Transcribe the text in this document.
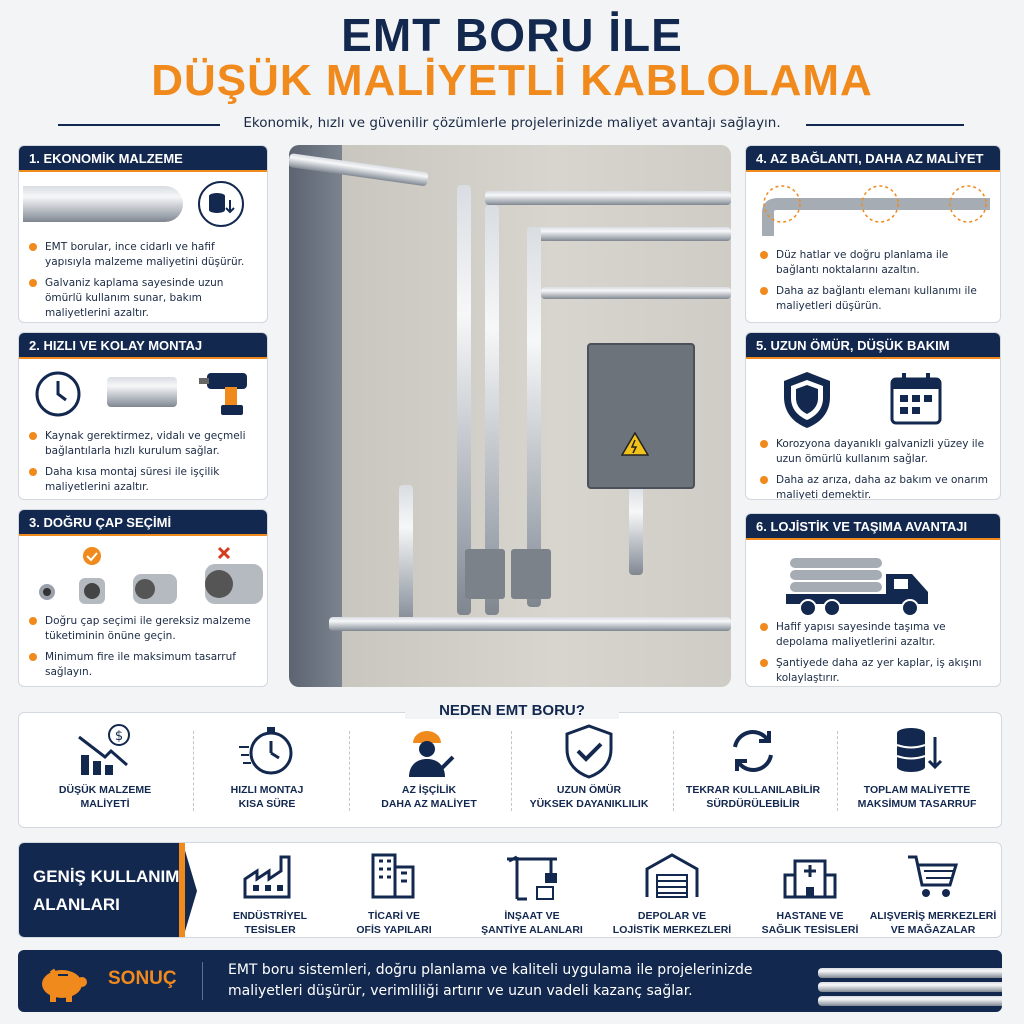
EMT BORU İLE
DÜŞÜK MALİYETLİ KABLOLAMA
Ekonomik, hızlı ve güvenilir çözümlerle projelerinizde maliyet avantajı sağlayın.
1. EKONOMİK MALZEME
EMT borular, ince cidarlı ve hafif yapısıyla malzeme maliyetini düşürür.
Galvaniz kaplama sayesinde uzun ömürlü kullanım sunar, bakım maliyetlerini azaltır.
2. HIZLI VE KOLAY MONTAJ
Kaynak gerektirmez, vidalı ve geçmeli bağlantılarla hızlı kurulum sağlar.
Daha kısa montaj süresi ile işçilik maliyetlerini azaltır.
3. DOĞRU ÇAP SEÇİMİ
Doğru çap seçimi ile gereksiz malzeme tüketiminin önüne geçin.
Minimum fire ile maksimum tasarruf sağlayın.
4. AZ BAĞLANTI, DAHA AZ MALİYET
Düz hatlar ve doğru planlama ile bağlantı noktalarını azaltın.
Daha az bağlantı elemanı kullanımı ile maliyetleri düşürün.
5. UZUN ÖMÜR, DÜŞÜK BAKIM
Korozyona dayanıklı galvanizli yüzey ile uzun ömürlü kullanım sağlar.
Daha az arıza, daha az bakım ve onarım maliyeti demektir.
6. LOJİSTİK VE TAŞIMA AVANTAJI
Hafif yapısı sayesinde taşıma ve depolama maliyetlerini azaltır.
Şantiyede daha az yer kaplar, iş akışını kolaylaştırır.
$
DÜŞÜK MALZEME
MALİYETİ
HIZLI MONTAJ
KISA SÜRE
AZ İŞÇİLİK
DAHA AZ MALİYET
UZUN ÖMÜR
YÜKSEK DAYANIKLILIK
TEKRAR KULLANILABİLİR
SÜRDÜRÜLEBİLİR
TOPLAM MALİYETTE
MAKSİMUM TASARRUF
NEDEN EMT BORU?
GENİŞ KULLANIM
ALANLARI
ENDÜSTRİYEL
TESİSLER
TİCARİ VE
OFİS YAPILARI
İNŞAAT VE
ŞANTİYE ALANLARI
DEPOLAR VE
LOJİSTİK MERKEZLERİ
HASTANE VE
SAĞLIK TESİSLERİ
ALIŞVERİŞ MERKEZLERİ
VE MAĞAZALAR
SONUÇ	EMT boru sistemleri, doğru planlama ve kaliteli uygulama ile projelerinizde maliyetleri düşürür, verimliliği artırır ve uzun vadeli kazanç sağlar.
